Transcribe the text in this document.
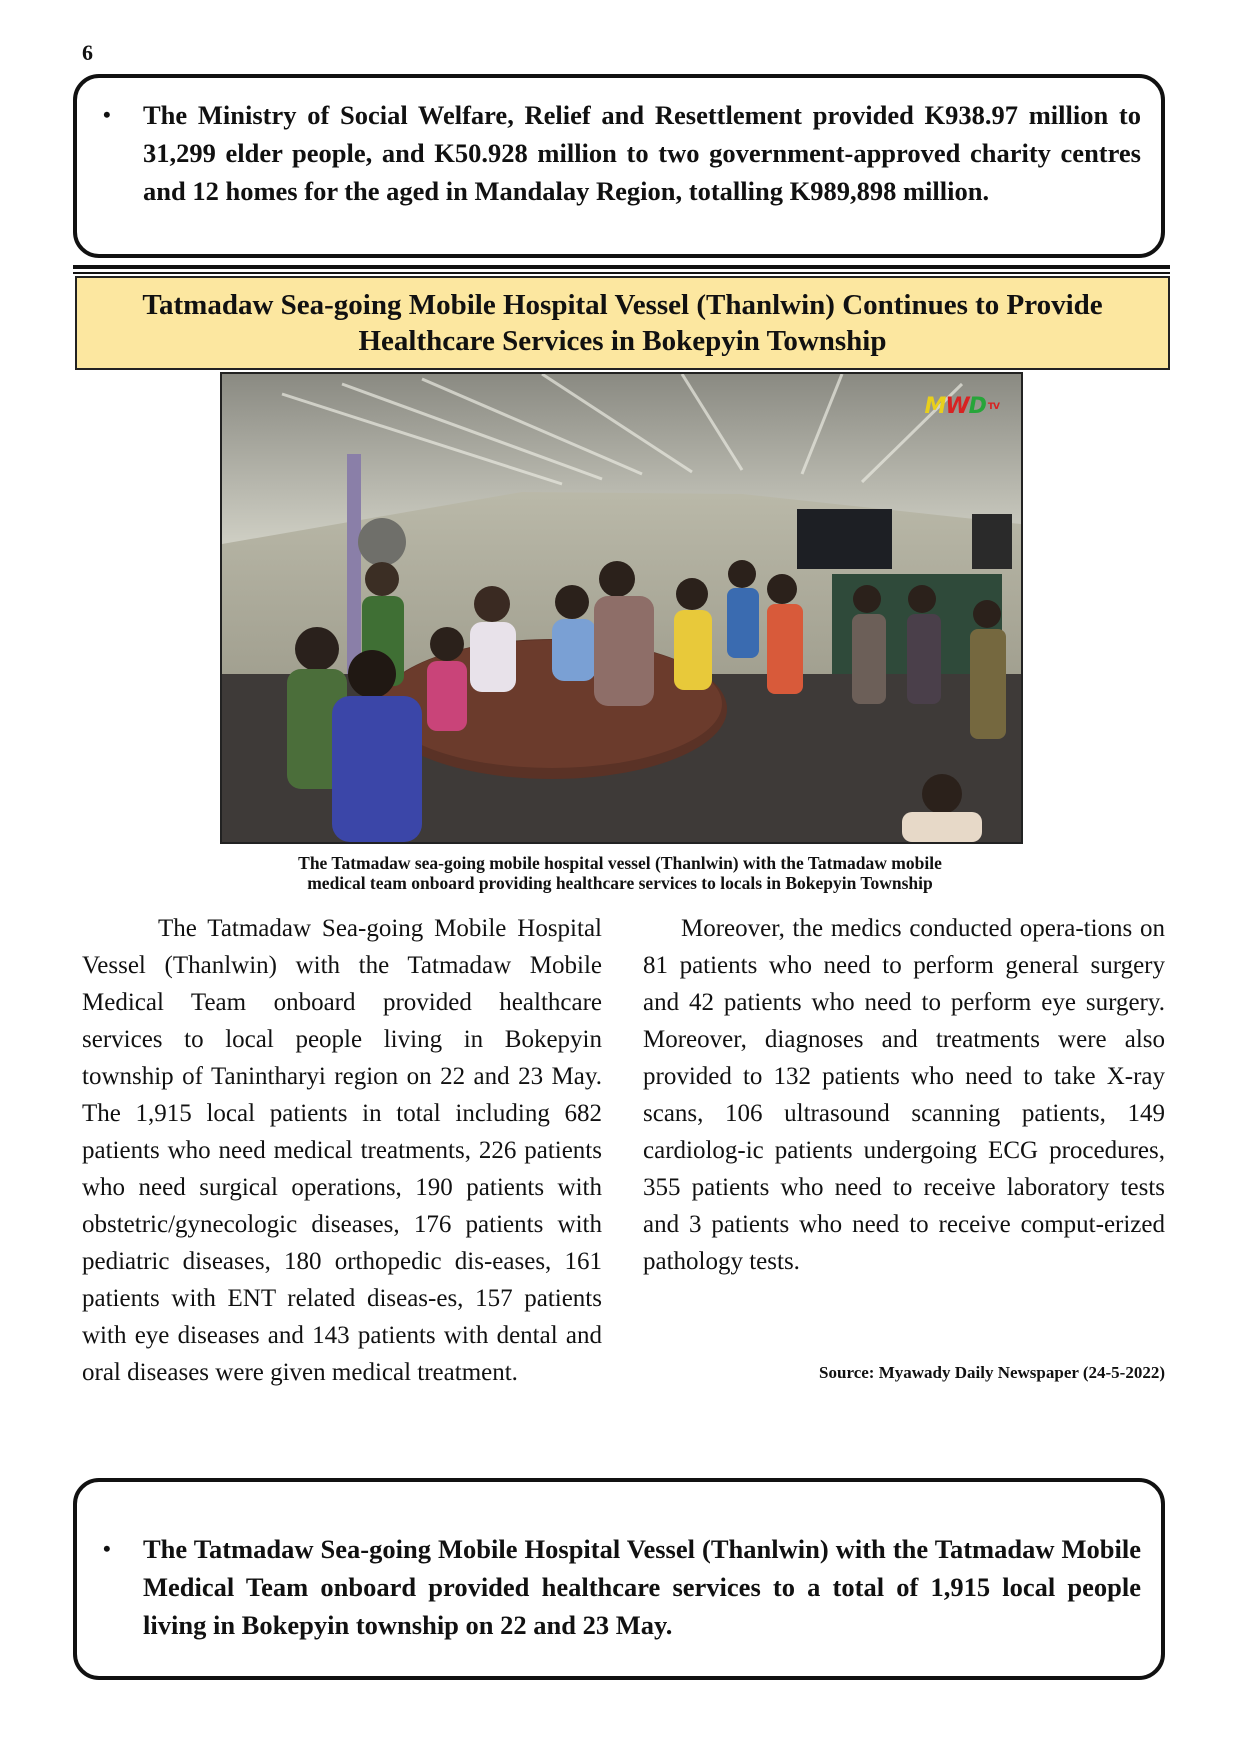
6
• The Ministry of Social Welfare, Relief and Resettlement provided K938.97 million to 31,299 elder people, and K50.928 million to two government-approved charity centres and 12 homes for the aged in Mandalay Region, totalling K989,898 million.

Tatmadaw Sea-going Mobile Hospital Vessel (Thanlwin) Continues to Provide

Healthcare Services in Bokepyin Township

MWD TV
The Tatmadaw sea-going mobile hospital vessel (Thanlwin) with the Tatmadaw mobile
medical team onboard providing healthcare services to locals in Bokepyin Township

The Tatmadaw Sea-going Mobile Hospital Vessel (Thanlwin) with the Tatmadaw Mobile Medical Team onboard provided healthcare services to local people living in Bokepyin township of Tanintharyi region on 22 and 23 May. The 1,915 local patients in total including 682 patients who need medical treatments, 226 patients who need surgical operations, 190 patients with obstetric/gynecologic diseases, 176 patients with pediatric diseases, 180 orthopedic dis-eases, 161 patients with ENT related diseas-es, 157 patients with eye diseases and 143 patients with dental and oral diseases were given medical treatment.

Moreover, the medics conducted opera-tions on 81 patients who need to perform general surgery and 42 patients who need to perform eye surgery. Moreover, diagnoses and treatments were also provided to 132 patients who need to take X-ray scans, 106 ultrasound scanning patients, 149 cardiolog-ic patients undergoing ECG procedures, 355 patients who need to receive laboratory tests and 3 patients who need to receive comput-erized pathology tests.

Source: Myawady Daily Newspaper (24-5-2022)
• The Tatmadaw Sea-going Mobile Hospital Vessel (Thanlwin) with the Tatmadaw Mobile Medical Team onboard provided healthcare services to a total of 1,915 local people living in Bokepyin township on 22 and 23 May.
